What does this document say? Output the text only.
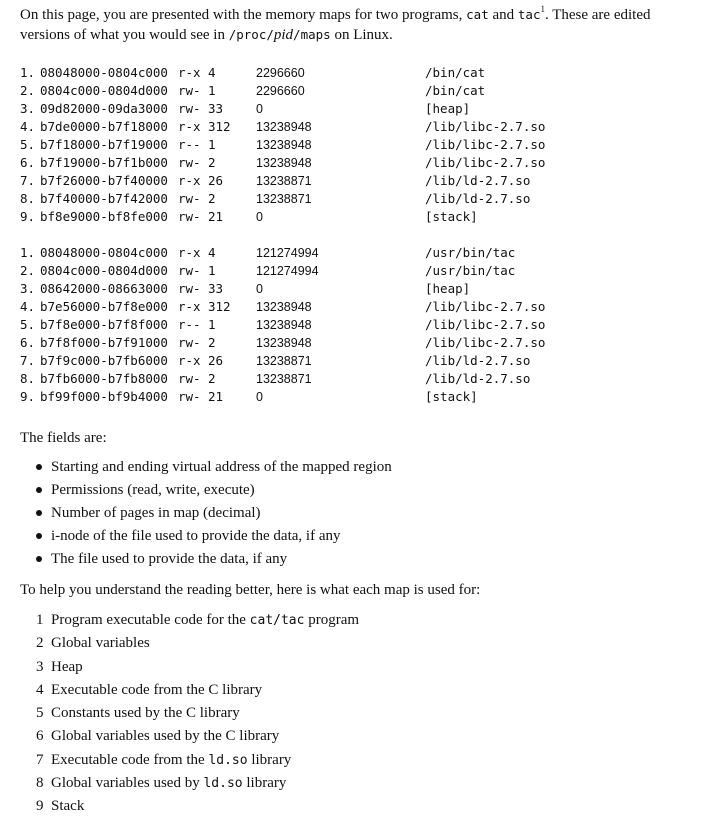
On this page, you are presented with the memory maps for two programs, cat and tac$^1$. These are edited versions of what you would see in /proc/pid/maps on Linux.
1. 08048000-0804c000 r-x 4	2296660	/bin/cat
2. 0804c000-0804d000 rw- 1	2296660	/bin/cat
3. 09d82000-09da3000 rw- 33	0	[heap]
4. b7de0000-b7f18000 r-x 312 13238948	/lib/libc-2.7.so
5. b7f18000-b7f19000 r-- 1	13238948	/lib/libc-2.7.so
6. b7f19000-b7f1b000 rw- 2	13238948	/lib/libc-2.7.so
7. b7f26000-b7f40000 r-x 26	13238871	/lib/ld-2.7.so
8. b7f40000-b7f42000 rw- 2	13238871	/lib/ld-2.7.so
9. bf8e9000-bf8fe000 rw- 21	0	[stack]
1. 08048000-0804c000 r-x 4	121274994	/usr/bin/tac
2. 0804c000-0804d000 rw- 1	121274994	/usr/bin/tac
3. 08642000-08663000 rw- 33	0	[heap]
4. b7e56000-b7f8e000 r-x 312 13238948	/lib/libc-2.7.so
5. b7f8e000-b7f8f000 r-- 1	13238948	/lib/libc-2.7.so
6. b7f8f000-b7f91000 rw- 2	13238948	/lib/libc-2.7.so
7. b7f9c000-b7fb6000 r-x 26	13238871	/lib/ld-2.7.so
8. b7fb6000-b7fb8000 rw- 2	13238871	/lib/ld-2.7.so
9. bf99f000-bf9b4000 rw- 21	0	[stack]
The fields are:
Starting and ending virtual address of the mapped region
Permissions (read, write, execute)
Number of pages in map (decimal)
i-node of the file used to provide the data, if any
The file used to provide the data, if any
To help you understand the reading better, here is what each map is used for:
1 Program executable code for the cat/tac program
2 Global variables
3 Heap
4 Executable code from the C library
5 Constants used by the C library
6 Global variables used by the C library
7 Executable code from the ld.so library
8 Global variables used by ld.so library
9 Stack
